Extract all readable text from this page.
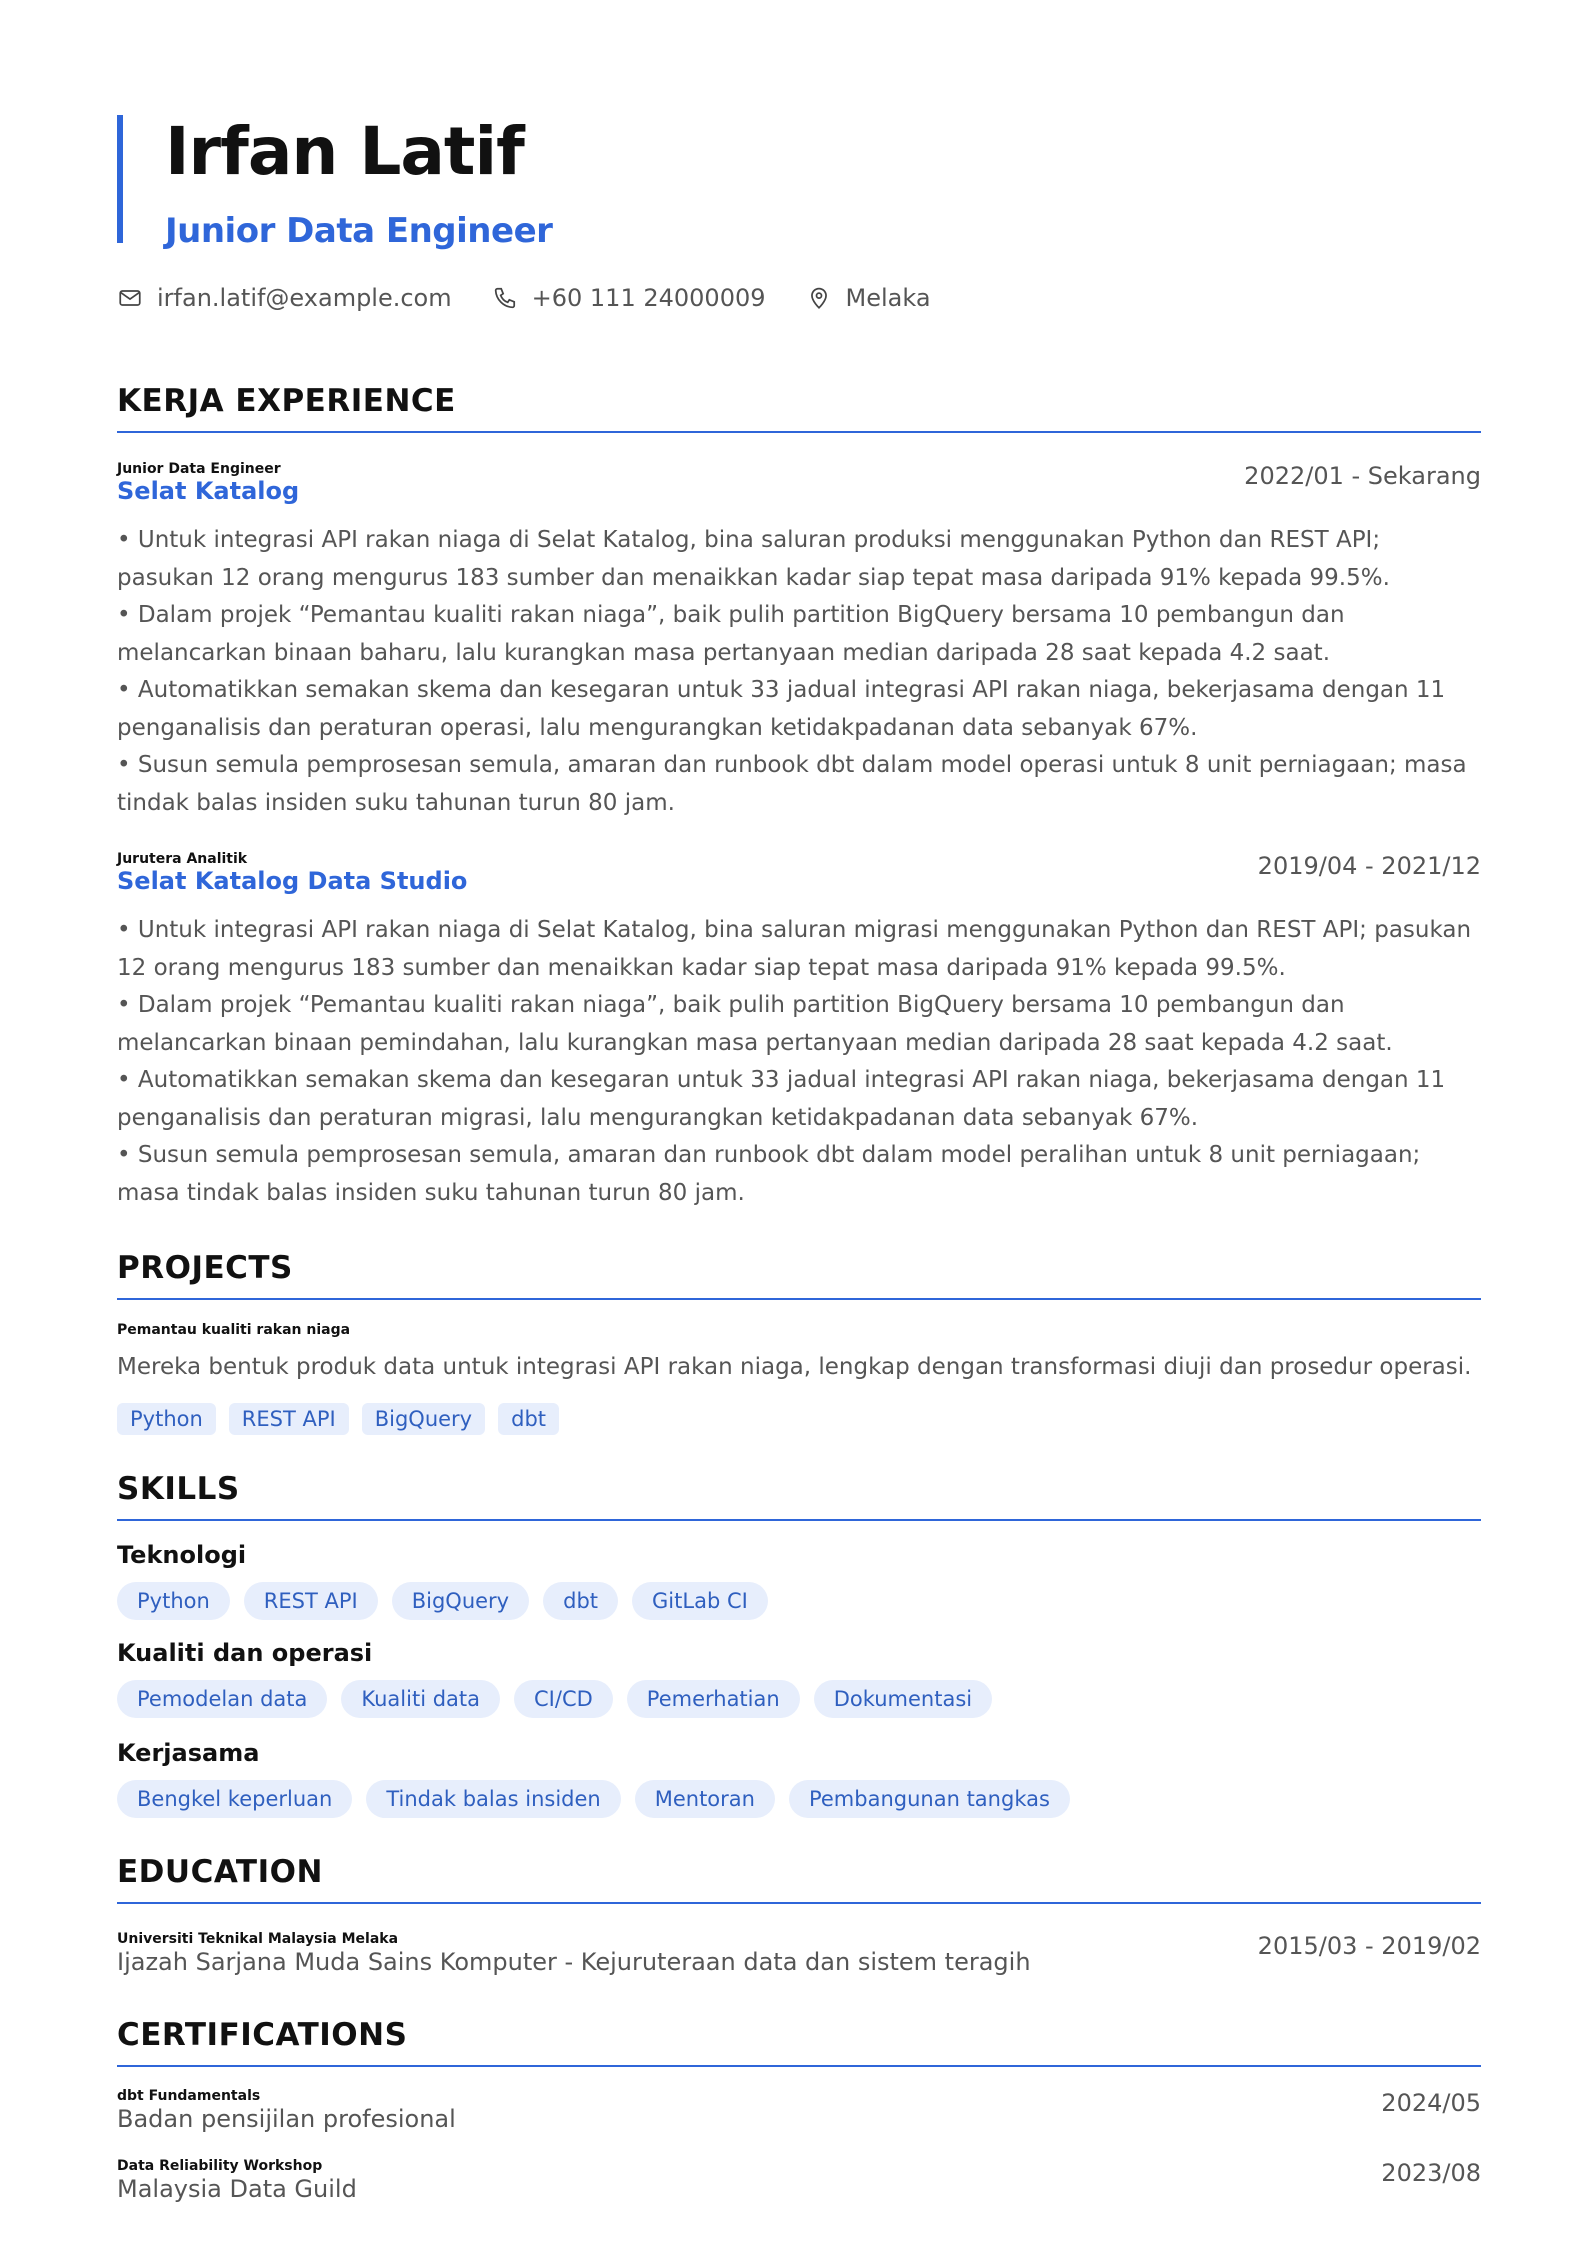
Irfan Latif
Junior Data Engineer
irfan.latif@example.com	+60 111 24000009	Melaka
KERJA EXPERIENCE
Junior Data Engineer
Selat Katalog
2022/01 - Sekarang
• Untuk integrasi API rakan niaga di Selat Katalog, bina saluran produksi menggunakan Python dan REST API; pasukan 12 orang mengurus 183 sumber dan menaikkan kadar siap tepat masa daripada 91% kepada 99.5%.
• Dalam projek “Pemantau kualiti rakan niaga”, baik pulih partition BigQuery bersama 10 pembangun dan melancarkan binaan baharu, lalu kurangkan masa pertanyaan median daripada 28 saat kepada 4.2 saat.
• Automatikkan semakan skema dan kesegaran untuk 33 jadual integrasi API rakan niaga, bekerjasama dengan 11 penganalisis dan peraturan operasi, lalu mengurangkan ketidakpadanan data sebanyak 67%.
• Susun semula pemprosesan semula, amaran dan runbook dbt dalam model operasi untuk 8 unit perniagaan; masa tindak balas insiden suku tahunan turun 80 jam.
Jurutera Analitik
Selat Katalog Data Studio
2019/04 - 2021/12
• Untuk integrasi API rakan niaga di Selat Katalog, bina saluran migrasi menggunakan Python dan REST API; pasukan 12 orang mengurus 183 sumber dan menaikkan kadar siap tepat masa daripada 91% kepada 99.5%.
• Dalam projek “Pemantau kualiti rakan niaga”, baik pulih partition BigQuery bersama 10 pembangun dan melancarkan binaan pemindahan, lalu kurangkan masa pertanyaan median daripada 28 saat kepada 4.2 saat.
• Automatikkan semakan skema dan kesegaran untuk 33 jadual integrasi API rakan niaga, bekerjasama dengan 11 penganalisis dan peraturan migrasi, lalu mengurangkan ketidakpadanan data sebanyak 67%.
• Susun semula pemprosesan semula, amaran dan runbook dbt dalam model peralihan untuk 8 unit perniagaan; masa tindak balas insiden suku tahunan turun 80 jam.
PROJECTS
Pemantau kualiti rakan niaga
Mereka bentuk produk data untuk integrasi API rakan niaga, lengkap dengan transformasi diuji dan prosedur operasi.
Python	REST API	BigQuery	dbt
SKILLS
Teknologi
Python	REST API	BigQuery	dbt	GitLab CI
Kualiti dan operasi
Pemodelan data	Kualiti data	CI/CD	Pemerhatian	Dokumentasi
Kerjasama
Bengkel keperluan	Tindak balas insiden	Mentoran	Pembangunan tangkas
EDUCATION
Universiti Teknikal Malaysia Melaka
Ijazah Sarjana Muda Sains Komputer - Kejuruteraan data dan sistem teragih
2015/03 - 2019/02
CERTIFICATIONS
dbt Fundamentals
Badan pensijilan profesional
2024/05
Data Reliability Workshop
Malaysia Data Guild
2023/08
